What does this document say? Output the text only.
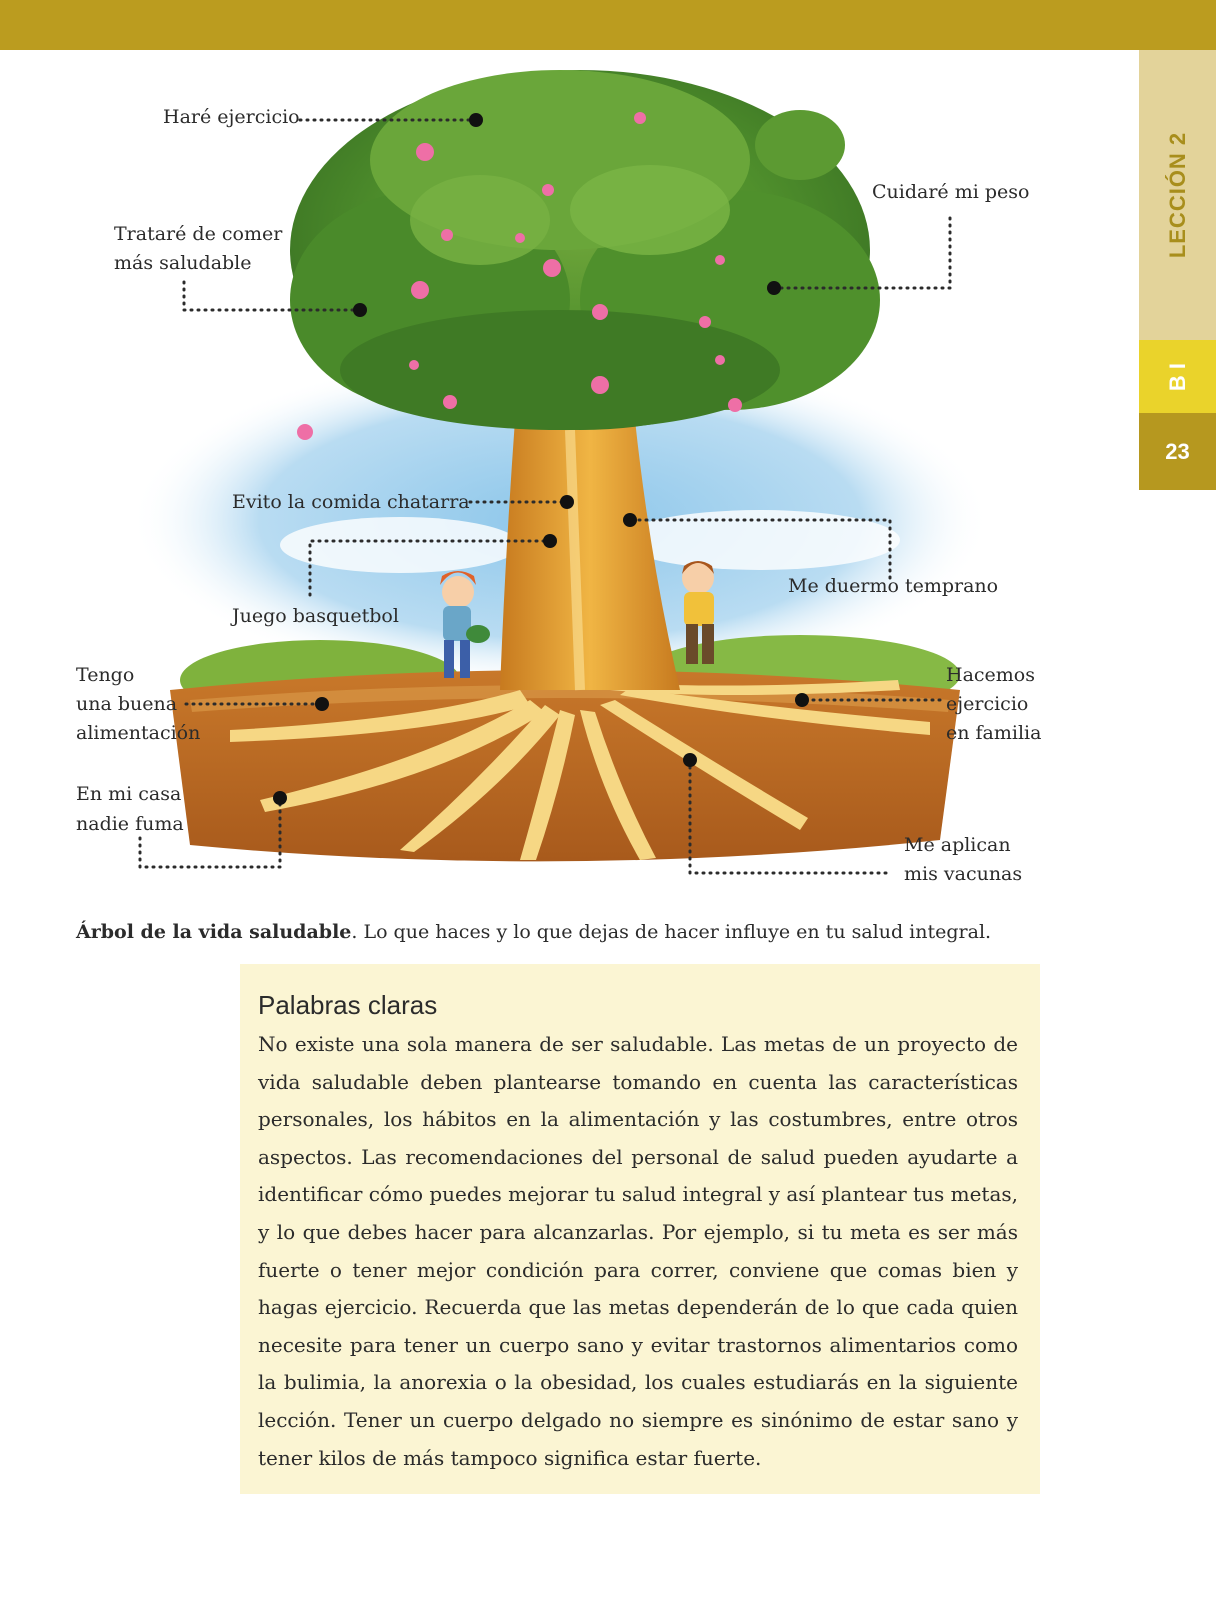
LECCIÓN 2
B I
23
Haré ejercicio
Trataré de comer
más saludable
Cuidaré mi peso
Evito la comida chatarra
Juego basquetbol
Me duermo temprano
Tengo
una buena
alimentación
Hacemos
ejercicio
en familia
En mi casa
nadie fuma
Me aplican
mis vacunas
Árbol de la vida saludable. Lo que haces y lo que dejas de hacer influye en tu salud integral.
Palabras claras
No existe una sola manera de ser saludable. Las metas de un proyecto de vida saludable deben plantearse tomando en cuenta las características personales, los hábitos en la alimentación y las costumbres, entre otros aspectos. Las recomendaciones del personal de salud pueden ayudarte a identificar cómo puedes mejorar tu salud integral y así plantear tus metas, y lo que debes hacer para alcanzarlas. Por ejemplo, si tu meta es ser más fuerte o tener mejor condición para correr, conviene que comas bien y hagas ejercicio. Recuerda que las metas dependerán de lo que cada quien necesite para tener un cuerpo sano y evitar trastornos alimentarios como la bulimia, la anorexia o la obesidad, los cuales estudiarás en la siguiente lección. Tener un cuerpo delgado no siempre es sinónimo de estar sano y tener kilos de más tampoco significa estar fuerte.
